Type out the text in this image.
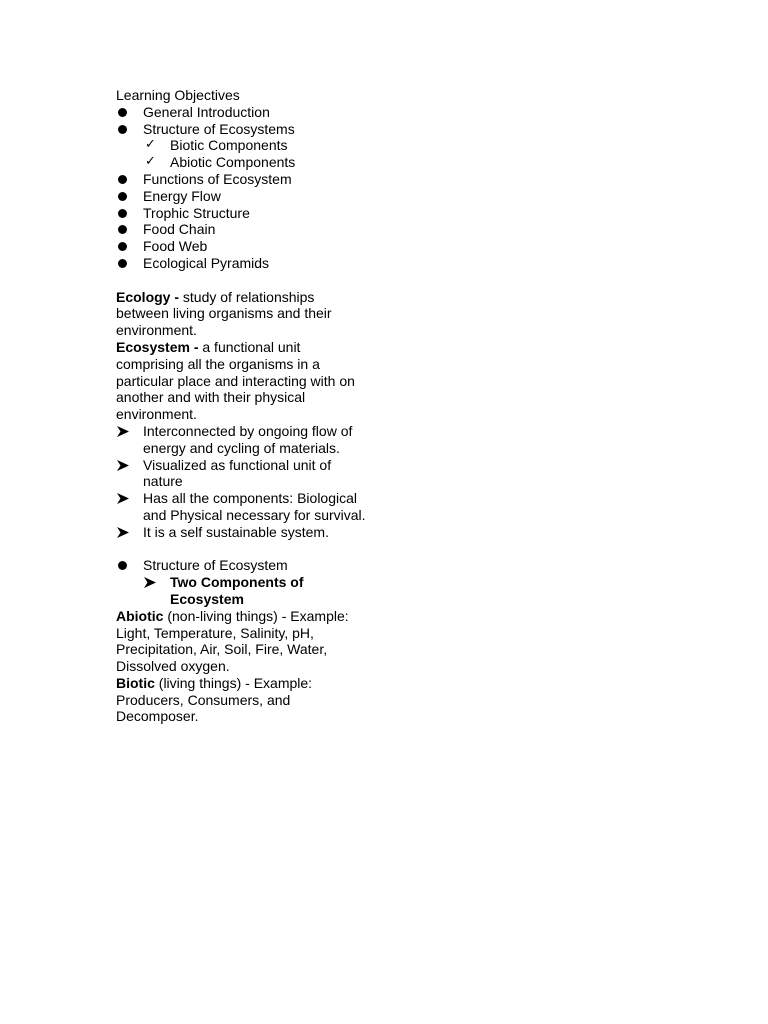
Learning Objectives
General Introduction
Structure of Ecosystems
✓ Biotic Components
✓ Abiotic Components
Functions of Ecosystem
Energy Flow
Trophic Structure
Food Chain
Food Web
Ecological Pyramids
Ecology - study of relationships between living organisms and their environment.
Ecosystem - a functional unit comprising all the organisms in a particular place and interacting with on another and with their physical environment.
Interconnected by ongoing flow of energy and cycling of materials.
Visualized as functional unit of nature
Has all the components: Biological and Physical necessary for survival.
It is a self sustainable system.
Structure of Ecosystem
Two Components of Ecosystem
Abiotic (non-living things) - Example: Light, Temperature, Salinity, pH, Precipitation, Air, Soil, Fire, Water, Dissolved oxygen.
Biotic (living things) - Example: Producers, Consumers, and Decomposer.
